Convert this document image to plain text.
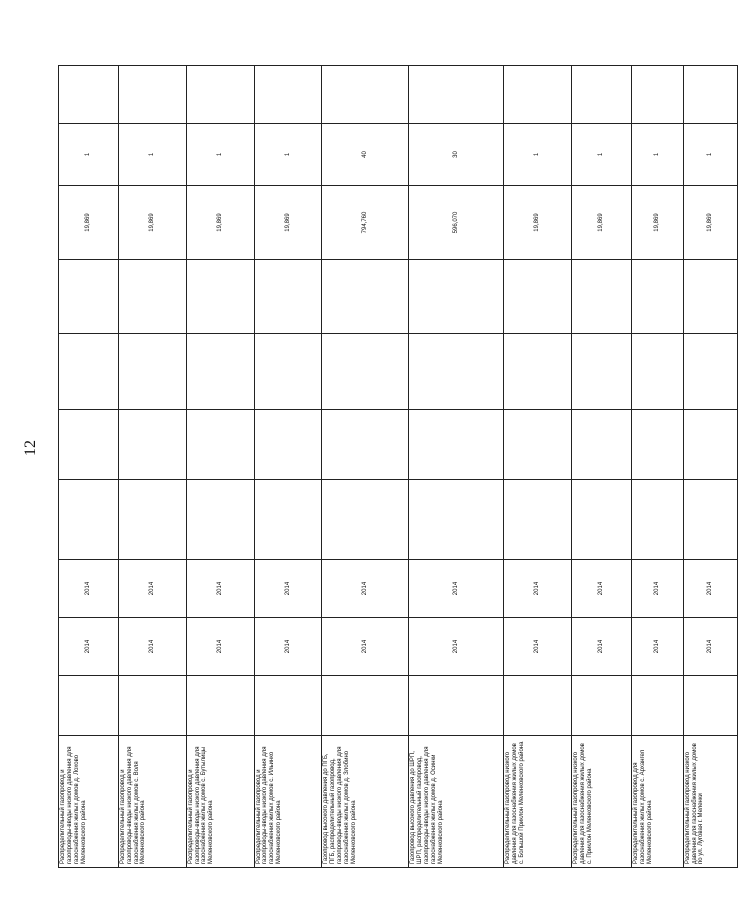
12
Распределительный газопровод и газопроводы-вводы низкого давления для газоснабжения жилых домов д. Лохово Меленковского района		2014	2014					19,869	1	
Распределительный газопровод и газопроводы-вводы низкого давления для газоснабжения жилых домов с. Воля Меленковского района		2014	2014					19,869	1	
Распределительный газопровод и газопроводы-вводы низкого давления для газоснабжения жилых домов с. Бутылицы Меленковского района		2014	2014					19,869	1	
Распределительный газопровод и газопроводы-вводы низкого давления для газоснабжения жилых домов с. Ильинко Меленковского района		2014	2014					19,869	1	
Газопровод высокого давления до ПГБ, ПГБ, распределительный газопровод, газопроводы-вводы низкого давления для газоснабжения жилых домов д. Злобино Меленковского района		2014	2014					794,760	40	
Газопровод высокого давления до ШРП, ШРП, распределительный газопровод, газопроводы-вводы низкого давления для газоснабжения жилых домов д. Осинки Меленковского района		2014	2014					596,070	30	
Распределительный газопровод низкого давления для газоснабжения жилых домов с. Большой Приклон Меленковского района		2014	2014					19,869	1	
Распределительный газопровод низкого давления для газоснабжения жилых домов с. Приклон Меленковского района		2014	2014					19,869	1	
Распределительный газопровод для газоснабжения жилых домов с. Архангел Меленковского района		2014	2014					19,869	1	
Распределительный газопровод низкого давления для газоснабжения жилых домов по ул. Луговая г. Меленки		2014	2014					19,869	1	
